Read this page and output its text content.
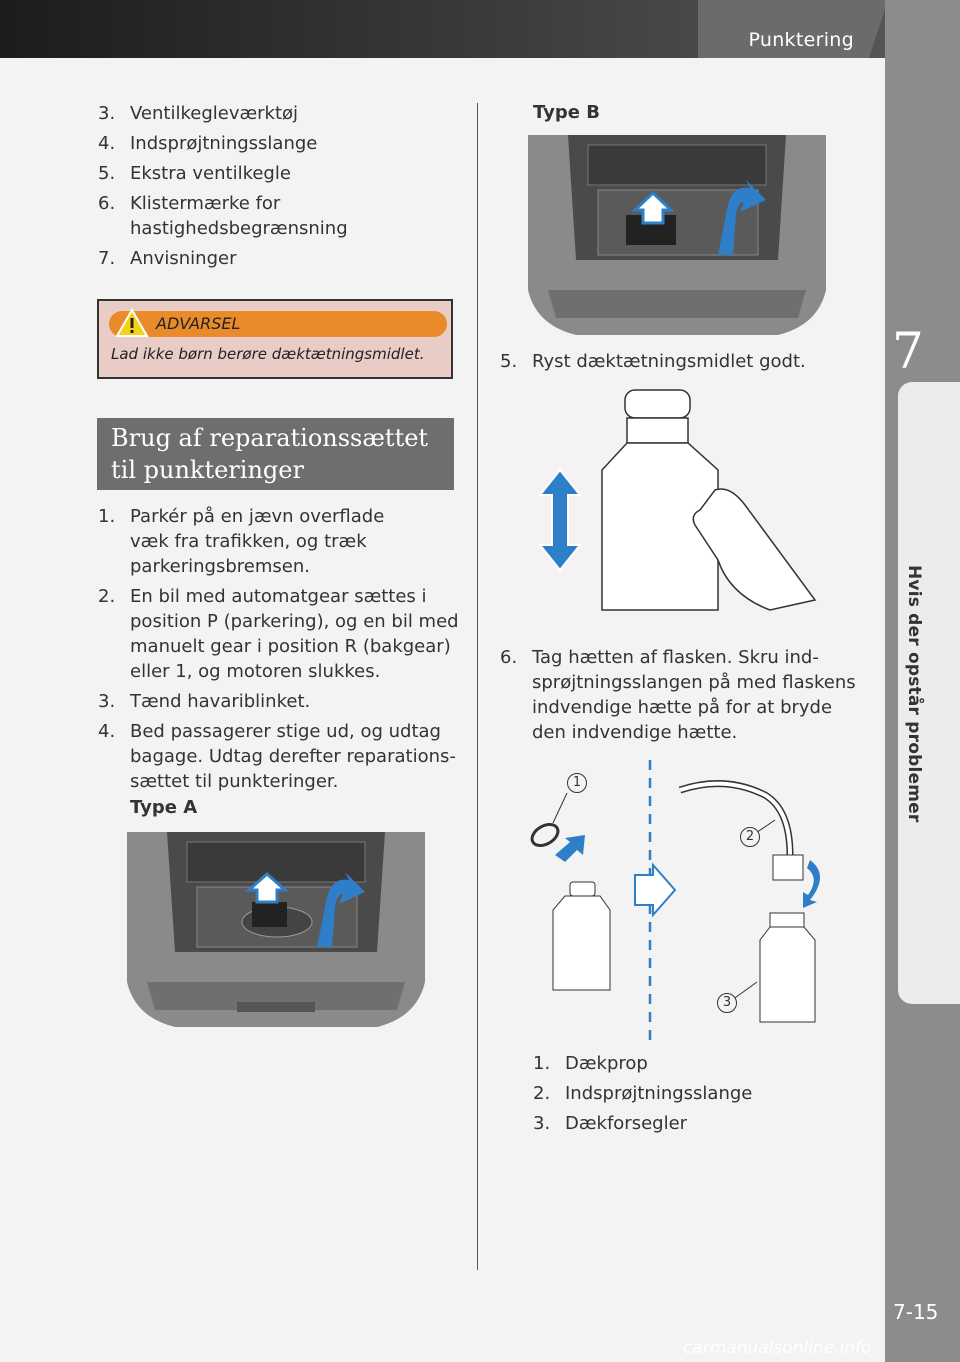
Punktering
7
Hvis der opstår problemer
7-15
carmanualsonline.info
3. Ventilkegleværktøj
4. Indsprøjtningsslange
5. Ekstra ventilkegle
6. Klistermærke for
hastighedsbegrænsning
7. Anvisninger
ADVARSEL
Lad ikke børn berøre dæktætningsmidlet.
Brug af reparationssættet
til punkteringer
1. Parkér på en jævn overflade
væk fra trafikken, og træk
parkeringsbremsen.
2. En bil med automatgear sættes i
position P (parkering), og en bil med
manuelt gear i position R (bakgear)
eller 1, og motoren slukkes.
3. Tænd havariblinket.
4. Bed passagerer stige ud, og udtag
bagage. Udtag derefter reparations-
sættet til punkteringer.
Type A
Type B
5. Ryst dæktætningsmidlet godt.
6. Tag hætten af flasken. Skru ind-
sprøjtningsslangen på med flaskens
indvendige hætte på for at bryde
den indvendige hætte.
1
2
3
1. Dækprop
2. Indsprøjtningsslange
3. Dækforsegler
